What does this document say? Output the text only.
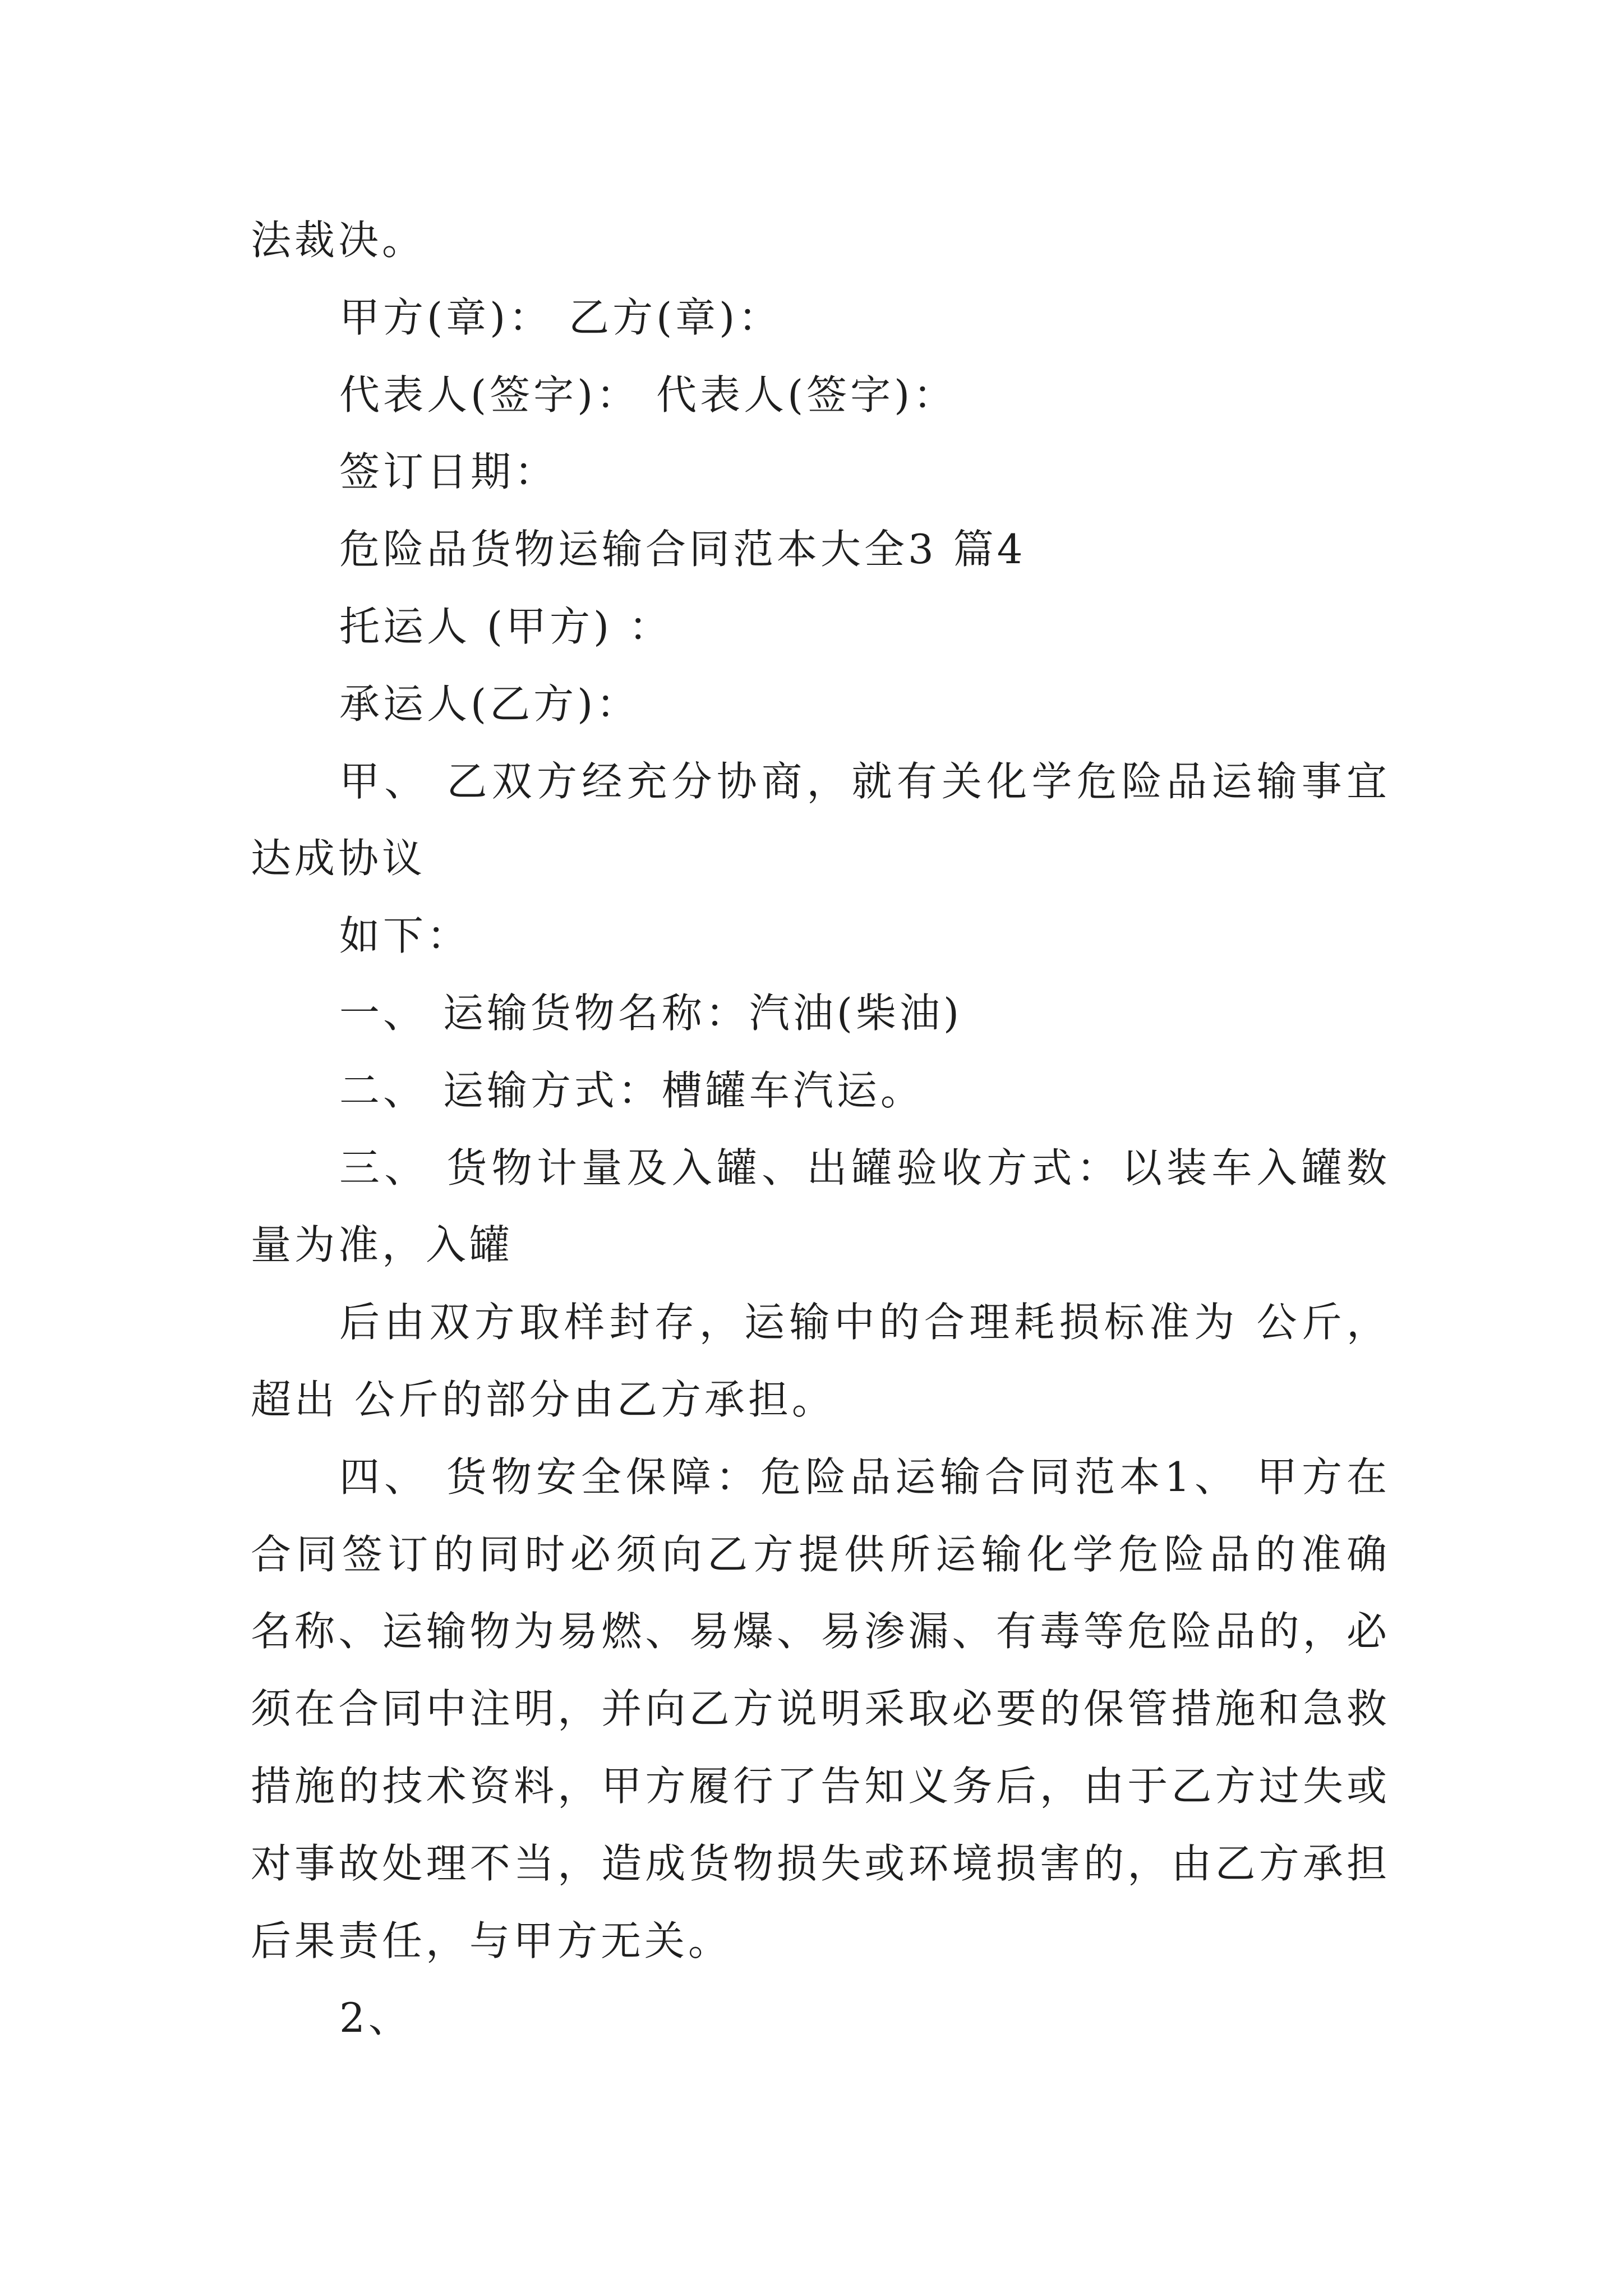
法裁决。
甲方(章)： 乙方(章)：
代表人(签字)： 代表人(签字)：
签订日期：
危险品货物运输合同范本大全3 篇4
托运人 (甲方) ：
承运人(乙方)：
甲、 乙双方经充分协商，就有关化学危险品运输事宜
达成协议
如下：
一、 运输货物名称：汽油(柴油)
二、 运输方式：槽罐车汽运。
三、 货物计量及入罐、出罐验收方式：以装车入罐数
量为准，入罐
后由双方取样封存，运输中的合理耗损标准为 公斤，
超出 公斤的部分由乙方承担。
四、 货物安全保障：危险品运输合同范本1、 甲方在
合同签订的同时必须向乙方提供所运输化学危险品的准确
名称、运输物为易燃、易爆、易渗漏、有毒等危险品的，必
须在合同中注明，并向乙方说明采取必要的保管措施和急救
措施的技术资料，甲方履行了告知义务后，由于乙方过失或
对事故处理不当，造成货物损失或环境损害的，由乙方承担
后果责任，与甲方无关。
2、
